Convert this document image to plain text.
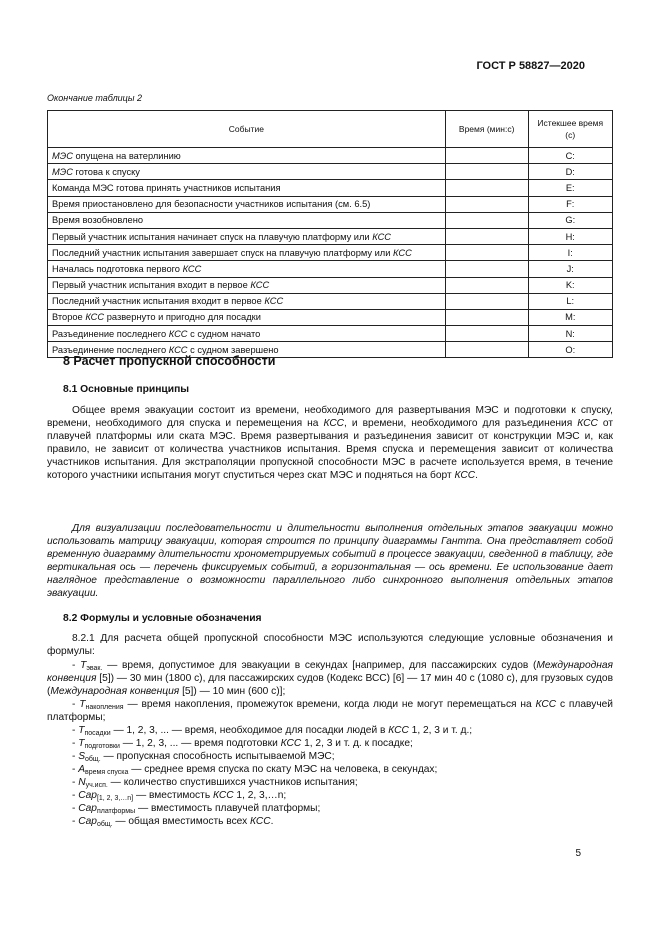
ГОСТ Р 58827—2020
Окончание таблицы 2
Событие	Время (мин:с)	Истекшее время (с)
МЭС опущена на ватерлинию		C:
МЭС готова к спуску		D:
Команда МЭС готова принять участников испытания		E:
Время приостановлено для безопасности участников испытания (см. 6.5)		F:
Время возобновлено		G:
Первый участник испытания начинает спуск на плавучую платформу или КСС		H:
Последний участник испытания завершает спуск на плавучую платформу или КСС		I:
Началась подготовка первого КСС		J:
Первый участник испытания входит в первое КСС		K:
Последний участник испытания входит в первое КСС		L:
Второе КСС развернуто и пригодно для посадки		M:
Разъединение последнего КСС с судном начато		N:
Разъединение последнего КСС с судном завершено		O:
8 Расчет пропускной способности
8.1 Основные принципы

Общее время эвакуации состоит из времени, необходимого для развертывания МЭС и подготовки к спуску, времени, необходимого для спуска и перемещения на КСС, и времени, необходимого для разъединения КСС от плавучей платформы или ската МЭС. Время развертывания и разъединения зависит от конструкции МЭС и, как правило, не зависит от количества участников испытания. Время спуска и перемещения зависит от количества участников испытания. Для экстраполяции пропускной способности МЭС в расчете используется время, в течение которого участники испытания могут спуститься через скат МЭС и подняться на борт КСС.

Для визуализации последовательности и длительности выполнения отдельных этапов эвакуации можно использовать матрицу эвакуации, которая строится по принципу диаграммы Гантта. Она представляет собой временную диаграмму длительности хронометрируемых событий в процессе эвакуации, сведенной в таблицу, где вертикальная ось — перечень фиксируемых событий, а горизонтальная — ось времени. Ее использование дает наглядное представление о возможности параллельного либо синхронного выполнения отдельных этапов эвакуации.

8.2 Формулы и условные обозначения

8.2.1 Для расчета общей пропускной способности МЭС используются следующие условные обозначения и формулы:

- $T_{эвак.}$ — время, допустимое для эвакуации в секундах [например, для пассажирских судов (Международная конвенция [5]) — 30 мин (1800 с), для пассажирских судов (Кодекс ВСС) [6] — 17 мин 40 с (1080 с), для грузовых судов (Международная конвенция [5]) — 10 мин (600 с)];
- $T_{накопления}$ — время накопления, промежуток времени, когда люди не могут перемещаться на КСС с плавучей платформы;
- $T_{посадки}$ — 1, 2, 3, ... — время, необходимое для посадки людей в КСС 1, 2, 3 и т. д.;
- $T_{подготовки}$ — 1, 2, 3, ... — время подготовки КСС 1, 2, 3 и т. д. к посадке;
- $S_{общ.}$ — пропускная способность испытываемой МЭС;
- $A_{время спуска}$ — среднее время спуска по скату МЭС на человека, в секундах;
- $N_{уч.исп.}$ — количество спустившихся участников испытания;
- Cap$_{[1, 2, 3,\dots n]}$ — вместимость КСС 1, 2, 3,…n;
- Cap$_{платформы}$ — вместимость плавучей платформы;
- Cap$_{общ.}$ — общая вместимость всех КСС.
5
